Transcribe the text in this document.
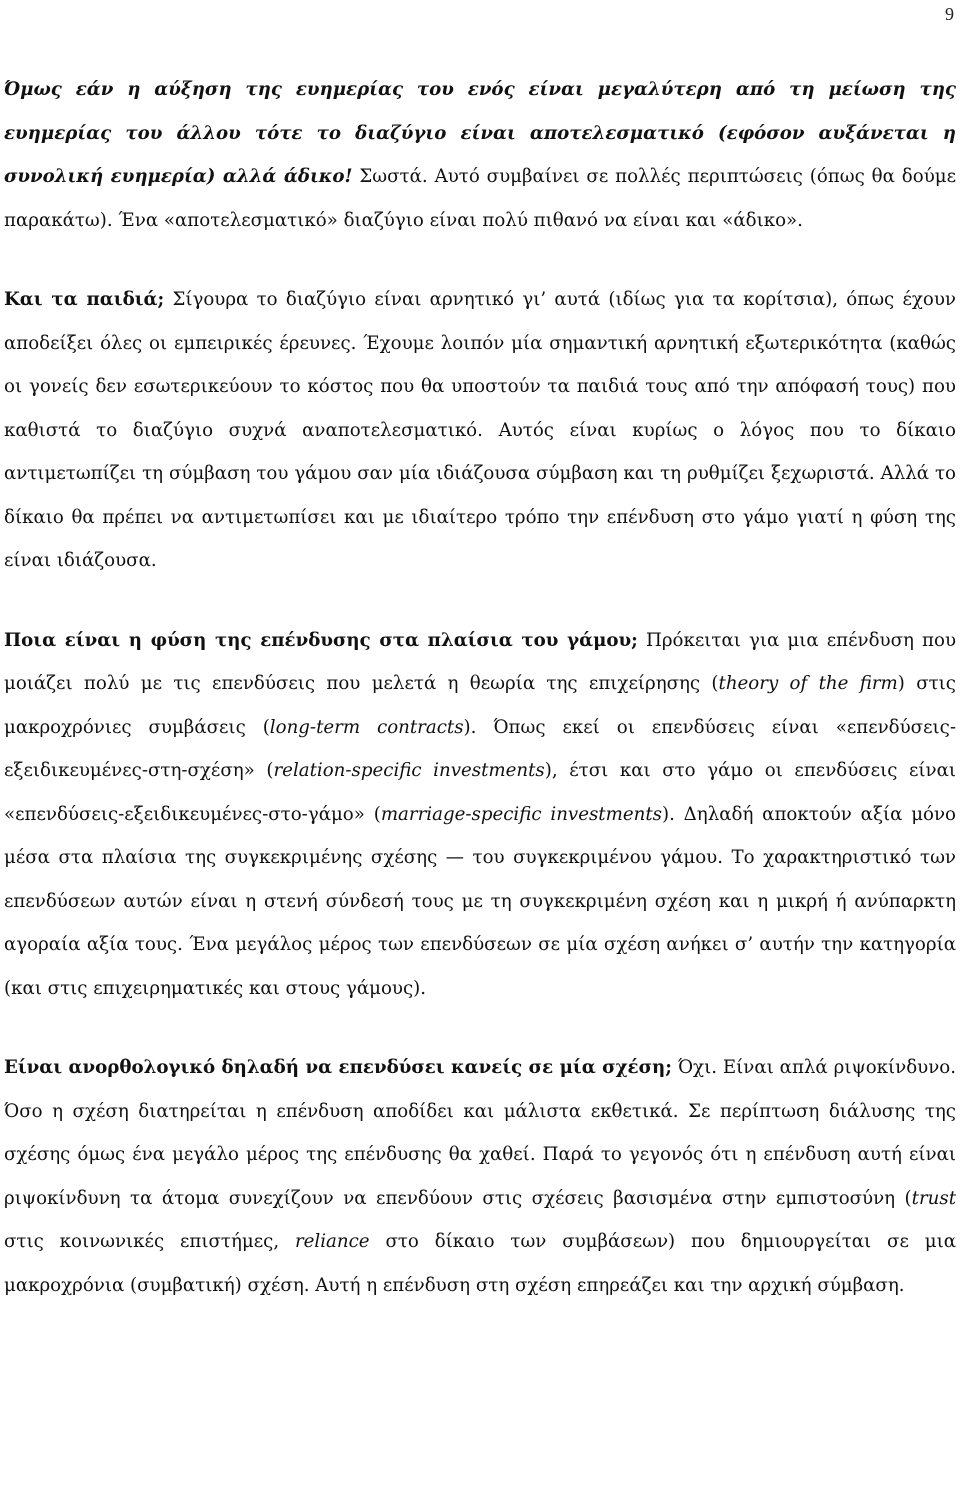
9

Όμως εάν η αύξηση της ευημερίας του ενός είναι μεγαλύτερη από τη μείωση της ευημερίας του άλλου τότε το διαζύγιο είναι αποτελεσματικό (εφόσον αυξάνεται η συνολική ευημερία) αλλά άδικο! Σωστά. Αυτό συμβαίνει σε πολλές περιπτώσεις (όπως θα δούμε παρακάτω). Ένα «αποτελεσματικό» διαζύγιο είναι πολύ πιθανό να είναι και «άδικο».

Και τα παιδιά; Σίγουρα το διαζύγιο είναι αρνητικό γι’ αυτά (ιδίως για τα κορίτσια), όπως έχουν αποδείξει όλες οι εμπειρικές έρευνες. Έχουμε λοιπόν μία σημαντική αρνητική εξωτερικότητα (καθώς οι γονείς δεν εσωτερικεύουν το κόστος που θα υποστούν τα παιδιά τους από την απόφασή τους) που καθιστά το διαζύγιο συχνά αναποτελεσματικό. Αυτός είναι κυρίως ο λόγος που το δίκαιο αντιμετωπίζει τη σύμβαση του γάμου σαν μία ιδιάζουσα σύμβαση και τη ρυθμίζει ξεχωριστά. Αλλά το δίκαιο θα πρέπει να αντιμετωπίσει και με ιδιαίτερο τρόπο την επένδυση στο γάμο γιατί η φύση της είναι ιδιάζουσα.

Ποια είναι η φύση της επένδυσης στα πλαίσια του γάμου; Πρόκειται για μια επένδυση που μοιάζει πολύ με τις επενδύσεις που μελετά η θεωρία της επιχείρησης (theory of the firm) στις μακροχρόνιες συμβάσεις (long-term contracts). Όπως εκεί οι επενδύσεις είναι «επενδύσεις-εξειδικευμένες-στη-σχέση» (relation-specific investments), έτσι και στο γάμο οι επενδύσεις είναι «επενδύσεις-εξειδικευμένες-στο-γάμο» (marriage-specific investments). Δηλαδή αποκτούν αξία μόνο μέσα στα πλαίσια της συγκεκριμένης σχέσης — του συγκεκριμένου γάμου. Το χαρακτηριστικό των επενδύσεων αυτών είναι η στενή σύνδεσή τους με τη συγκεκριμένη σχέση και η μικρή ή ανύπαρκτη αγοραία αξία τους. Ένα μεγάλος μέρος των επενδύσεων σε μία σχέση ανήκει σ’ αυτήν την κατηγορία (και στις επιχειρηματικές και στους γάμους).

Είναι ανορθολογικό δηλαδή να επενδύσει κανείς σε μία σχέση; Όχι. Είναι απλά ριψοκίνδυνο. Όσο η σχέση διατηρείται η επένδυση αποδίδει και μάλιστα εκθετικά. Σε περίπτωση διάλυσης της σχέσης όμως ένα μεγάλο μέρος της επένδυσης θα χαθεί. Παρά το γεγονός ότι η επένδυση αυτή είναι ριψοκίνδυνη τα άτομα συνεχίζουν να επενδύουν στις σχέσεις βασισμένα στην εμπιστοσύνη (trust στις κοινωνικές επιστήμες, reliance στο δίκαιο των συμβάσεων) που δημιουργείται σε μια μακροχρόνια (συμβατική) σχέση. Αυτή η επένδυση στη σχέση επηρεάζει και την αρχική σύμβαση.
